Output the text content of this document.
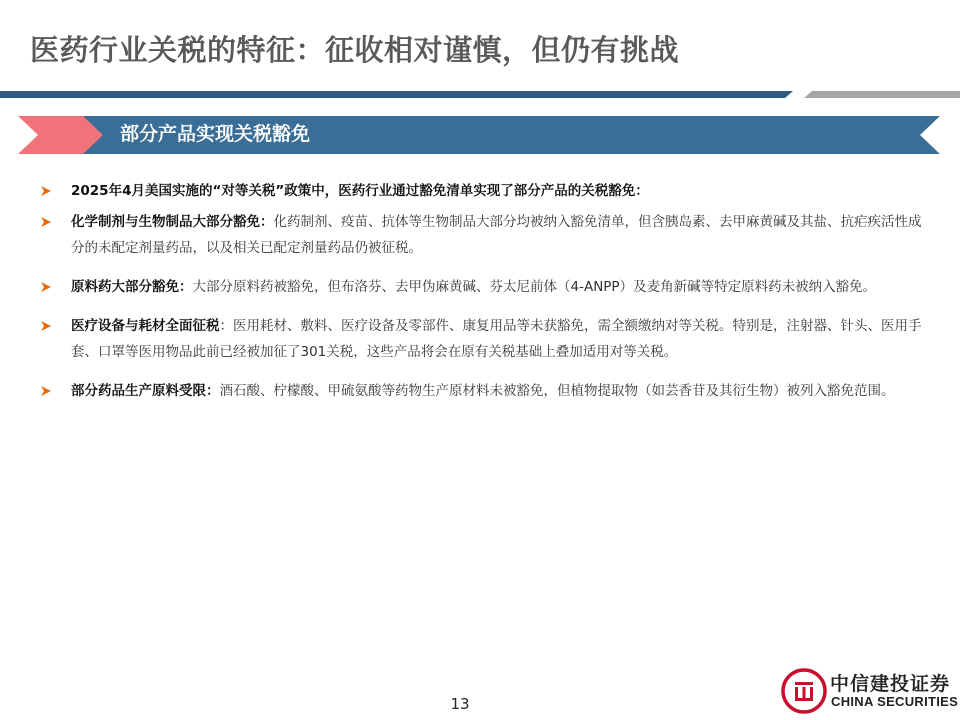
医药行业关税的特征：征收相对谨慎，但仍有挑战
部分产品实现关税豁免
2025年4月美国实施的“对等关税”政策中，医药行业通过豁免清单实现了部分产品的关税豁免：
化学制剂与生物制品大部分豁免：化药制剂、疫苗、抗体等生物制品大部分均被纳入豁免清单，但含胰岛素、去甲麻黄碱及其盐、抗疟疾活性成分的未配定剂量药品，以及相关已配定剂量药品仍被征税。
原料药大部分豁免：大部分原料药被豁免，但布洛芬、去甲伪麻黄碱、芬太尼前体（4-ANPP）及麦角新碱等特定原料药未被纳入豁免。
医疗设备与耗材全面征税：医用耗材、敷料、医疗设备及零部件、康复用品等未获豁免，需全额缴纳对等关税。特别是，注射器、针头、医用手套、口罩等医用物品此前已经被加征了301关税，这些产品将会在原有关税基础上叠加适用对等关税。
部分药品生产原料受限：酒石酸、柠檬酸、甲硫氨酸等药物生产原材料未被豁免，但植物提取物（如芸香苷及其衍生物）被列入豁免范围。
13
中信建投证券
CHINA SECURITIES
